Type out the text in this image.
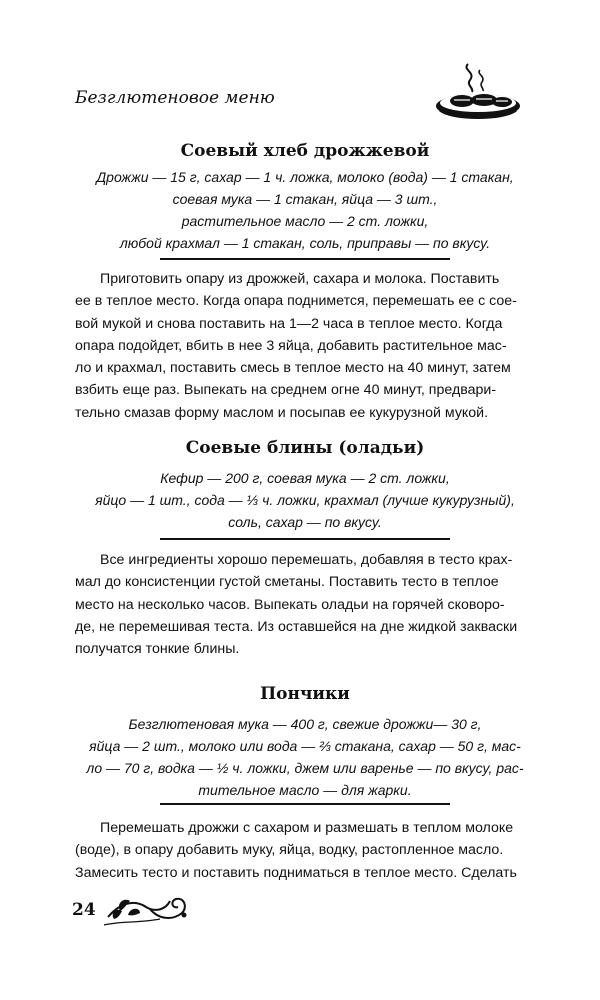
Безглютеновое меню
Соевый хлеб дрожжевой
Дрожжи — 15 г, сахар — 1 ч. ложка, молоко (вода) — 1 стакан,
соевая мука — 1 стакан, яйца — 3 шт.,
растительное масло — 2 ст. ложки,
любой крахмал — 1 стакан, соль, приправы — по вкусу.
Приготовить опару из дрожжей, сахара и молока. Поставить
ее в теплое место. Когда опара поднимется, перемешать ее с сое-
вой мукой и снова поставить на 1—2 часа в теплое место. Когда
опара подойдет, вбить в нее 3 яйца, добавить растительное мас-
ло и крахмал, поставить смесь в теплое место на 40 минут, затем
взбить еще раз. Выпекать на среднем огне 40 минут, предвари-
тельно смазав форму маслом и посыпав ее кукурузной мукой.
Соевые блины (оладьи)
Кефир — 200 г, соевая мука — 2 ст. ложки,
яйцо — 1 шт., сода — ⅓ ч. ложки, крахмал (лучше кукурузный),
соль, сахар — по вкусу.
Все ингредиенты хорошо перемешать, добавляя в тесто крах-
мал до консистенции густой сметаны. Поставить тесто в теплое
место на несколько часов. Выпекать оладьи на горячей сковоро-
де, не перемешивая теста. Из оставшейся на дне жидкой закваски
получатся тонкие блины.
Пончики
Безглютеновая мука — 400 г, свежие дрожжи— 30 г,
яйца — 2 шт., молоко или вода — ⅔ стакана, сахар — 50 г, мас-
ло — 70 г, водка — ½ ч. ложки, джем или варенье — по вкусу, рас-
тительное масло — для жарки.
Перемешать дрожжи с сахаром и размешать в теплом молоке
(воде), в опару добавить муку, яйца, водку, растопленное масло.
Замесить тесто и поставить подниматься в теплое место. Сделать
24
